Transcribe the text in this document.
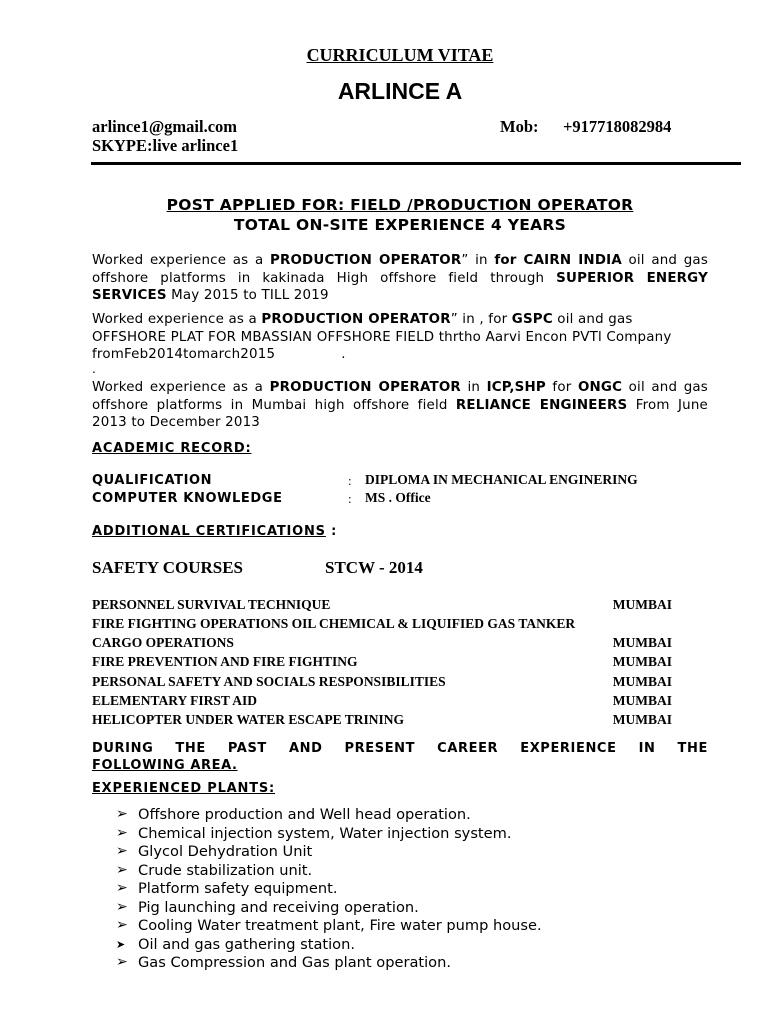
CURRICULUM VITAE
ARLINCE A
arlince1@gmail.com
SKYPE:live arlince1
Mob: +917718082984
POST APPLIED FOR: FIELD /PRODUCTION OPERATOR
TOTAL ON-SITE EXPERIENCE 4 YEARS
Worked experience as a PRODUCTION OPERATOR” in for CAIRN INDIA oil and gas offshore platforms in kakinada High offshore field through SUPERIOR ENERGY SERVICES May 2015 to TILL 2019
Worked experience as a PRODUCTION OPERATOR” in , for GSPC oil and gas OFFSHORE PLAT FOR MBASSIAN OFFSHORE FIELD thrtho Aarvi Encon PVTl Company fromFeb2014tomarch2015	.
.
Worked experience as a PRODUCTION OPERATOR in ICP,SHP for ONGC oil and gas offshore platforms in Mumbai high offshore field RELIANCE ENGINEERS From June 2013 to December 2013
ACADEMIC RECORD:
QUALIFICATION	: DIPLOMA IN MECHANICAL ENGINERING
COMPUTER KNOWLEDGE	: MS . Office
ADDITIONAL CERTIFICATIONS :
SAFETY COURSES	STCW - 2014
PERSONNEL SURVIVAL TECHNIQUE	MUMBAI
FIRE FIGHTING OPERATIONS OIL CHEMICAL & LIQUIFIED GAS TANKER
CARGO OPERATIONS	MUMBAI
FIRE PREVENTION AND FIRE FIGHTING	MUMBAI
PERSONAL SAFETY AND SOCIALS RESPONSIBILITIES	MUMBAI
ELEMENTARY FIRST AID	MUMBAI
HELICOPTER UNDER WATER ESCAPE TRINING	MUMBAI
DURING THE PAST AND PRESENT CAREER EXPERIENCE IN THE
FOLLOWING AREA.
EXPERIENCED PLANTS:
➢ Offshore production and Well head operation.
➢ Chemical injection system, Water injection system.
➢ Glycol Dehydration Unit
➢ Crude stabilization unit.
➢ Platform safety equipment.
➢ Pig launching and receiving operation.
➢ Cooling Water treatment plant, Fire water pump house.
➤ Oil and gas gathering station.
➢ Gas Compression and Gas plant operation.
